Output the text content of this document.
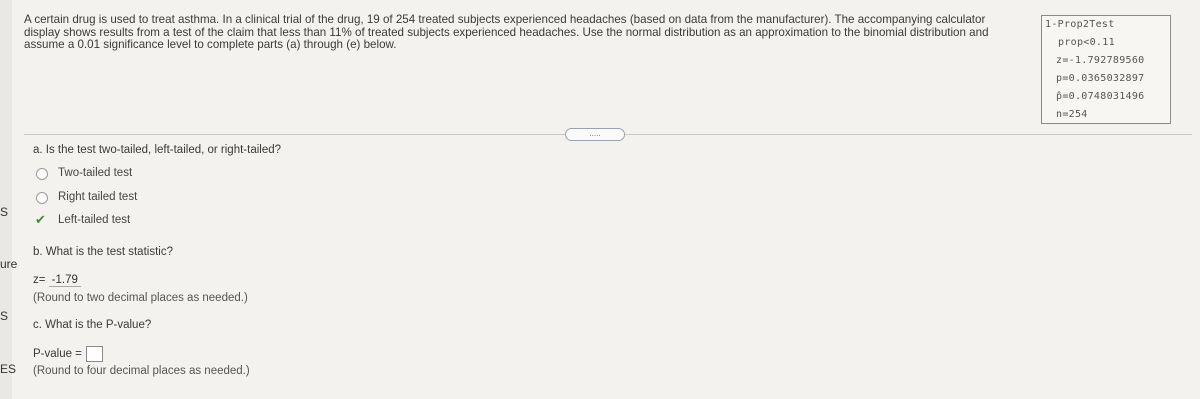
S
ure
S
ES
A certain drug is used to treat asthma. In a clinical trial of the drug, 19 of 254 treated subjects experienced headaches (based on data from the manufacturer). The accompanying calculator display shows results from a test of the claim that less than 11% of treated subjects experienced headaches. Use the normal distribution as an approximation to the binomial distribution and assume a 0.01 significance level to complete parts (a) through (e) below.
1-Prop2Test
prop<0.11
z=-1.792789560
p=0.0365032897
p̂=0.0748031496
n=254
.....
a. Is the test two-tailed, left-tailed, or right-tailed?
Two-tailed test
Right tailed test
✔ Left-tailed test
b. What is the test statistic?
z= -1.79
(Round to two decimal places as needed.)
c. What is the P-value?
P-value =
(Round to four decimal places as needed.)
